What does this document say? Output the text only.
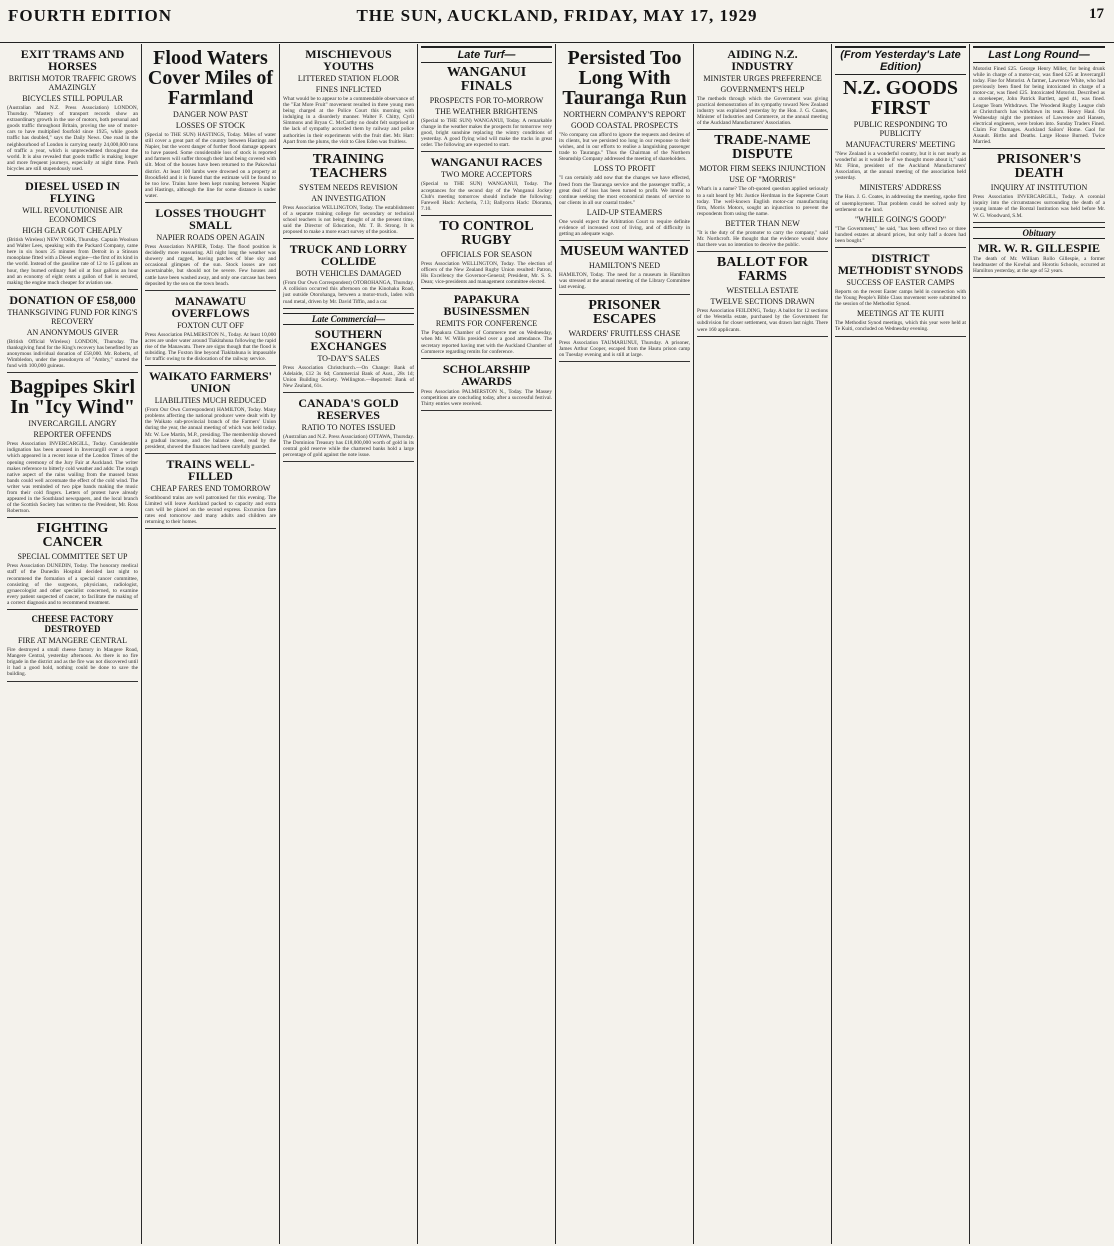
FOURTH EDITION	THE SUN, AUCKLAND, FRIDAY, MAY 17, 1929	17
EXIT TRAMS AND HORSES
BRITISH MOTOR TRAFFIC GROWS AMAZINGLY
BICYCLES STILL POPULAR
(Australian and N.Z. Press Association) LONDON, Thursday. "Mastery of transport records show an extraordinary growth in the use of motors, both personal and goods traffic throughout Britain, proving the use of motor-cars to have multiplied fourfold since 1925, while goods traffic has doubled," says the Daily News. One road in the neighbourhood of London is carrying nearly 24,000,000 tons of traffic a year, which is unprecedented throughout the world. It is also revealed that goods traffic is making longer and more frequent journeys, especially at night time. Push bicycles are still stupendously used.
DIESEL USED IN FLYING
WILL REVOLUTIONISE AIR ECONOMICS
HIGH GEAR GOT CHEAPLY
(British Wireless) NEW YORK, Thursday. Captain Woolson and Walter Lees, speaking with the Packard Company, came here in six hours 25 minutes from Detroit in a Stinson monoplane fitted with a Diesel engine—the first of its kind in the world. Instead of the gasoline rate of 12 to 15 gallons an hour, they burned ordinary fuel oil at four gallons an hour and an economy of eight cents a gallon of fuel is secured, making the engine much cheaper for aviation use.
DONATION OF £58,000
THANKSGIVING FUND FOR KING'S RECOVERY
AN ANONYMOUS GIVER
(British Official Wireless) LONDON, Thursday. The thanksgiving fund for the King's recovery has benefited by an anonymous individual donation of £58,000. Mr. Roberts, of Wimbledon, under the pseudonym of "Ambry," started the fund with 100,000 guineas.
Bagpipes Skirl In "Icy Wind"
INVERCARGILL ANGRY
REPORTER OFFENDS
Press Association INVERCARGILL, Today. Considerable indignation has been aroused in Invercargill over a report which appeared in a recent issue of the London Times of the opening ceremony of the Jury Fair at Auckland. The writer makes reference to bitterly cold weather and adds: The rough native aspect of the rains wailing from the massed brass bands could well accentuate the effect of the cold wind. The writer was reminded of two pipe bands making the music from their cold fingers. Letters of protest have already appeared in the Southland newspapers, and the local branch of the Scottish Society has written to the President, Mr. Ross Robertson.
FIGHTING CANCER
SPECIAL COMMITTEE SET UP
Press Association DUNEDIN, Today. The honorary medical staff of the Dunedin Hospital decided last night to recommend the formation of a special cancer committee, consisting of the surgeons, physicians, radiologist, gynaecologist and other specialist concerned, to examine every patient suspected of cancer, to facilitate the making of a correct diagnosis and to recommend treatment.
CHEESE FACTORY DESTROYED
FIRE AT MANGERE CENTRAL
Fire destroyed a small cheese factory in Mangere Road, Mangere Central, yesterday afternoon. As there is no fire brigade in the district and as the fire was not discovered until it had a good hold, nothing could be done to save the building.
Flood Waters Cover Miles of Farmland
DANGER NOW PAST
LOSSES OF STOCK
(Special to THE SUN) HASTINGS, Today. Miles of water still cover a great part of the country between Hastings and Napier, but the worst danger of further flood damage appears to have passed. Some considerable loss of stock is reported and farmers will suffer through their land being covered with silt. Most of the houses have been returned to the Pakowhai district. At least 100 lambs were drowned on a property at Brookfield and it is feared that the estimate will be found to be too low. Trains have been kept running between Napier and Hastings, although the line for some distance is under water.
LOSSES THOUGHT SMALL
NAPIER ROADS OPEN AGAIN
Press Association NAPIER, Today. The flood position is decidedly more reassuring. All night long the weather was showery and ragged, leaving patches of blue sky and occasional glimpses of the sun. Stock losses are not ascertainable, but should not be severe. Few houses and cattle have been washed away, and only one carcase has been deposited by the sea on the town beach.
MANAWATU OVERFLOWS
FOXTON CUT OFF
Press Association PALMERSTON N., Today. At least 10,000 acres are under water around Tiakitahuna following the rapid rise of the Manawatu. There are signs though that the flood is subsiding. The Foxton line beyond Tiakitahuna is impassable for traffic owing to the dislocation of the railway service.
WAIKATO FARMERS' UNION
LIABILITIES MUCH REDUCED
(From Our Own Correspondent) HAMILTON, Today. Many problems affecting the national producer were dealt with by the Waikato sub-provincial branch of the Farmers' Union during the year, the annual meeting of which was held today. Mr. W. Lee Martin, M.P., presiding. The membership showed a gradual increase, and the balance sheet, read by the president, showed the finances had been carefully guarded.
TRAINS WELL-FILLED
CHEAP FARES END TOMORROW
Southbound trains are well patronised for this evening. The Limited will leave Auckland packed to capacity and extra cars will be placed on the second express. Excursion fare rates end tomorrow and many adults and children are returning to their homes.
MISCHIEVOUS YOUTHS
LITTERED STATION FLOOR
FINES INFLICTED
What would be to appear to be a commendable observance of the "Eat More Fruit" movement resulted in three young men being charged at the Police Court this morning with indulging in a disorderly manner. Walter F. Chitty, Cyril Simmons and Bryan C. McCarthy no doubt felt surprised at the lack of sympathy accorded them by railway and police authorities in their experiments with the fruit diet. Mr. Hart: Apart from the plums, the visit to Glen Eden was fruitless.
TRAINING TEACHERS
SYSTEM NEEDS REVISION
AN INVESTIGATION
Press Association WELLINGTON, Today. The establishment of a separate training college for secondary or technical school teachers is not being thought of at the present time, said the Director of Education, Mr. T. B. Strong. It is proposed to make a more exact survey of the position.
TRUCK AND LORRY COLLIDE
BOTH VEHICLES DAMAGED
(From Our Own Correspondent) OTOROHANGA, Thursday. A collision occurred this afternoon on the Kinohaku Road, just outside Otorohanga, between a motor-truck, laden with road metal, driven by Mr. David Tiffin, and a car.
Late Commercial—
SOUTHERN EXCHANGES
TO-DAY'S SALES
Press Association Christchurch.—On Change: Bank of Adelaide, £12 3s 6d; Commercial Bank of Aust., 28s 1d; Union Building Society. Wellington.—Reported: Bank of New Zealand, 61s.
CANADA'S GOLD RESERVES
RATIO TO NOTES ISSUED
(Australian and N.Z. Press Association) OTTAWA, Thursday. The Dominion Treasury has £18,000,000 worth of gold in its central gold reserve while the chartered banks hold a large percentage of gold against the note issue.
Late Turf—
WANGANUI FINALS
PROSPECTS FOR TO-MORROW
THE WEATHER BRIGHTENS
(Special to THE SUN) WANGANUI, Today. A remarkable change in the weather makes the prospects for tomorrow very good, bright sunshine replacing the wintry conditions of yesterday. A good flying wind will make the tracks in great order. The following are expected to start.
WANGANUI RACES
TWO MORE ACCEPTORS
(Special to THE SUN) WANGANUI, Today. The acceptances for the second day of the Wanganui Jockey Club's meeting tomorrow should include the following: Farewell Hack: Archeria, 7.13; Ballyorra Hack: Diorama, 7.10.
TO CONTROL RUGBY
OFFICIALS FOR SEASON
Press Association WELLINGTON, Today. The election of officers of the New Zealand Rugby Union resulted: Patron, His Excellency the Governor-General; President, Mr. S. S. Dean; vice-presidents and management committee elected.
PAPAKURA BUSINESSMEN
REMITS FOR CONFERENCE
The Papakura Chamber of Commerce met on Wednesday, when Mr. W. Willis presided over a good attendance. The secretary reported having met with the Auckland Chamber of Commerce regarding remits for conference.
SCHOLARSHIP AWARDS
Press Association PALMERSTON N., Today. The Massey competitions are concluding today, after a successful festival. Thirty entries were received.
Persisted Too Long With Tauranga Run
NORTHERN COMPANY'S REPORT
GOOD COASTAL PROSPECTS
"No company can afford to ignore the requests and desires of its clients, but we persisted too long in our response to their wishes, and in our efforts to realise a languishing passenger trade to Tauranga." Thus the Chairman of the Northern Steamship Company addressed the meeting of shareholders.
LOSS TO PROFIT
"I can certainly add now that the changes we have effected, freed from the Tauranga service and the passenger traffic, a great deal of loss has been turned to profit. We intend to continue seeking the most economical means of service to our clients in all our coastal trades."
LAID-UP STEAMERS
One would expect the Arbitration Court to require definite evidence of increased cost of living, and of difficulty in getting an adequate wage.
MUSEUM WANTED
HAMILTON'S NEED
HAMILTON, Today. The need for a museum in Hamilton was stressed at the annual meeting of the Library Committee last evening.
PRISONER ESCAPES
WARDERS' FRUITLESS CHASE
Press Association TAUMARUNUI, Thursday. A prisoner, James Arthur Cooper, escaped from the Hautu prison camp on Tuesday evening and is still at large.
AIDING N.Z. INDUSTRY
MINISTER URGES PREFERENCE
GOVERNMENT'S HELP
The methods through which the Government was giving practical demonstration of its sympathy toward New Zealand industry was explained yesterday by the Hon. J. G. Coates, Minister of Industries and Commerce, at the annual meeting of the Auckland Manufacturers' Association.
TRADE-NAME DISPUTE
MOTOR FIRM SEEKS INJUNCTION
USE OF "MORRIS"
What's in a name? The oft-quoted question applied seriously to a suit heard by Mr. Justice Herdman in the Supreme Court today. The well-known English motor-car manufacturing firm, Morris Motors, sought an injunction to prevent the respondents from using the name.
BETTER THAN NEW
"It is the duty of the promoter to carry the company," said Mr. Northcroft. He thought that the evidence would show that there was no intention to deceive the public.
BALLOT FOR FARMS
WESTELLA ESTATE
TWELVE SECTIONS DRAWN
Press Association FEILDING, Today. A ballot for 12 sections of the Westella estate, purchased by the Government for subdivision for closer settlement, was drawn last night. There were 160 applicants.
(From Yesterday's Late Edition)
N.Z. GOODS FIRST
PUBLIC RESPONDING TO PUBLICITY
MANUFACTURERS' MEETING
"New Zealand is a wonderful country, but it is not nearly as wonderful as it would be if we thought more about it," said Mr. Flinn, president of the Auckland Manufacturers' Association, at the annual meeting of the association held yesterday.
MINISTERS' ADDRESS
The Hon. J. G. Coates, in addressing the meeting, spoke first of unemployment. That problem could be solved only by settlement on the land.
"WHILE GOING'S GOOD"
"The Government," he said, "has been offered two or three hundred estates at absurd prices, but only half a dozen had been bought."
DISTRICT METHODIST SYNODS
SUCCESS OF EASTER CAMPS
Reports on the recent Easter camps held in connection with the Young People's Bible Class movement were submitted to the session of the Methodist Synod.
MEETINGS AT TE KUITI
The Methodist Synod meetings, which this year were held at Te Kuiti, concluded on Wednesday evening.
Last Long Round—
Motorist Fined £25. George Henry Miller, for being drunk while in charge of a motor-car, was fined £25 at Invercargill today. Fine for Motorist. A farmer, Lawrence White, who had previously been fined for being intoxicated in charge of a motor-car, was fined £25. Intoxicated Motorist. Described as a storekeeper, John Patrick Bartlett, aged 41, was fined. League Team Withdraws. The Woodend Rugby League club at Christchurch has withdrawn its team. Heavy Haul. On Wednesday night the premises of Lawrence and Hansen, electrical engineers, were broken into. Sunday Traders Fined. Claim For Damages. Auckland Sailors' Home. Gaol for Assault. Births and Deaths. Large House Burned. Twice Married.
PRISONER'S DEATH
INQUIRY AT INSTITUTION
Press Association INVERCARGILL, Today. A coronial inquiry into the circumstances surrounding the death of a young inmate of the Borstal Institution was held before Mr. W. G. Woodward, S.M.
Obituary
MR. W. R. GILLESPIE
The death of Mr. William Rollo Gillespie, a former headmaster of the Kowhai and Horotiu Schools, occurred at Hamilton yesterday, at the age of 52 years.
